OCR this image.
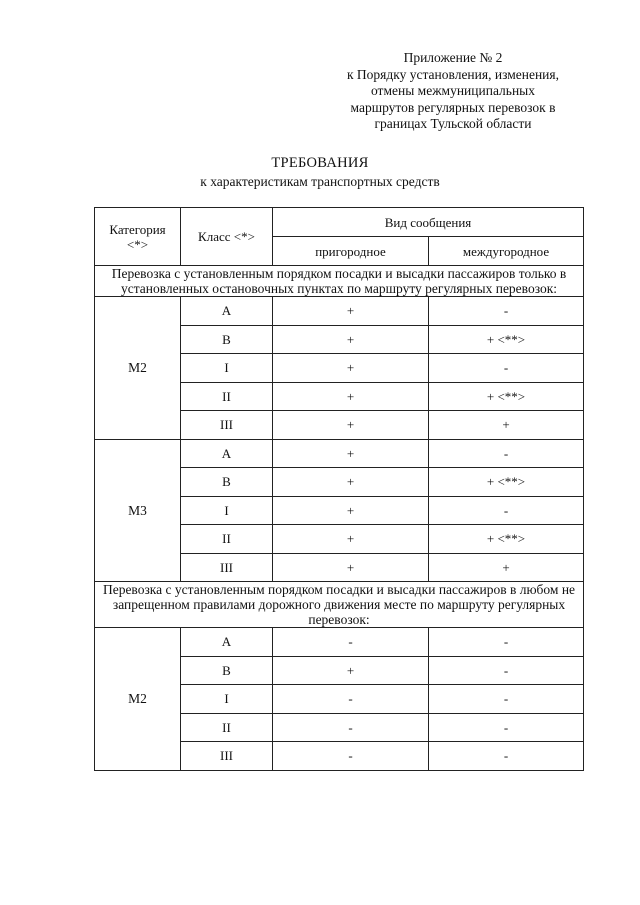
Приложение № 2
к Порядку установления, изменения,
отмены межмуниципальных
маршрутов регулярных перевозок в
границах Тульской области
ТРЕБОВАНИЯ
к характеристикам транспортных средств
Категория <*>	Класс <*>	Вид сообщения	
		пригородное	междугородное
Перевозка с установленным порядком посадки и высадки пассажиров только в установленных остановочных пунктах по маршруту регулярных перевозок:			
M2	A	+	-
	B	+	+ <**>
	I	+	-
	II	+	+ <**>
	III	+	+
M3	A	+	-
	B	+	+ <**>
	I	+	-
	II	+	+ <**>
	III	+	+
Перевозка с установленным порядком посадки и высадки пассажиров в любом не запрещенном правилами дорожного движения месте по маршруту регулярных перевозок:			
M2	A	-	-
	B	+	-
	I	-	-
	II	-	-
	III	-	-
